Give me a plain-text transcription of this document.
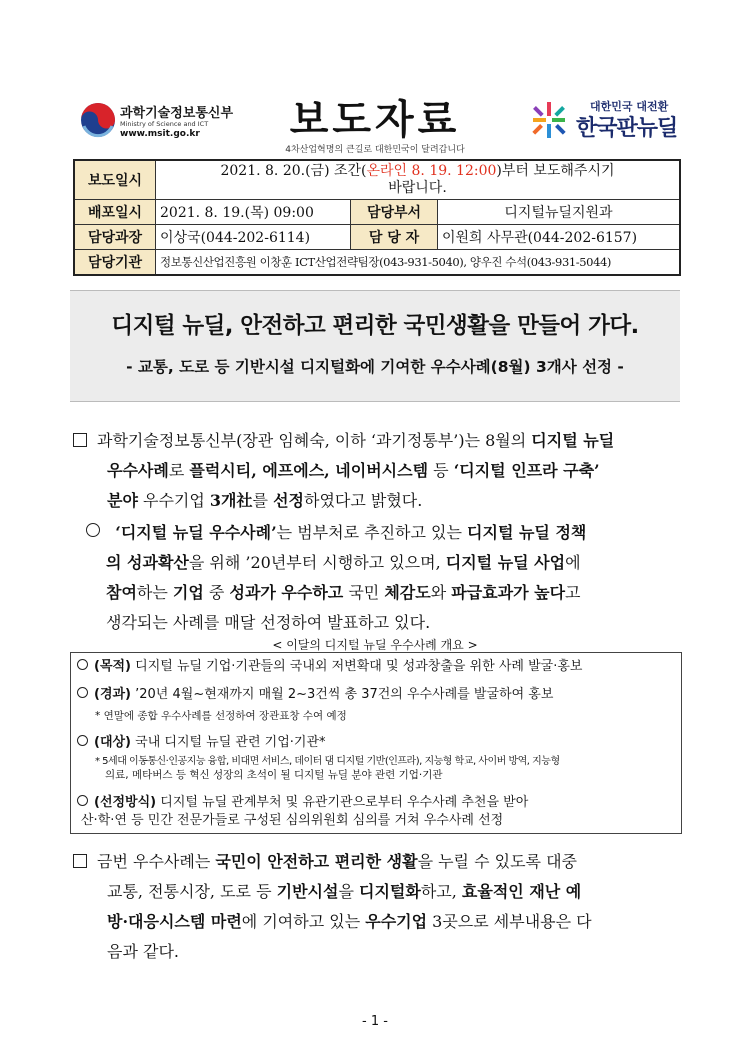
과학기술정보통신부
Ministry of Science and ICT
www.msit.go.kr	보도자료
4차산업혁명의 큰길로 대한민국이 달려갑니다
대한민국 대전환
한국판뉴딜
보도일시	2021. 8. 20.(금) 조간(온라인 8. 19. 12:00)부터 보도해주시기
바랍니다.		
배포일시	2021. 8. 19.(목) 09:00	담당부서	디지털뉴딜지원과
담당과장	이상국(044-202-6114)	담 당 자	이원희 사무관(044-202-6157)
담당기관	정보통신산업진흥원 이창훈 ICT산업전략팀장(043-931-5040), 양우진 수석(043-931-5044)		
디지털 뉴딜, 안전하고 편리한 국민생활을 만들어 가다.
- 교통, 도로 등 기반시설 디지털화에 기여한 우수사례(8월) 3개사 선정 -
과학기술정보통신부(장관 임혜숙, 이하 ‘과기정통부’)는 8월의 디지털 뉴딜
우수사례로 플럭시티, 에프에스, 네이버시스템 등 ‘디지털 인프라 구축’
분야 우수기업 3개社를 선정하였다고 밝혔다.
‘디지털 뉴딜 우수사례’는 범부처로 추진하고 있는 디지털 뉴딜 정책
의 성과확산을 위해 ’20년부터 시행하고 있으며, 디지털 뉴딜 사업에
참여하는 기업 중 성과가 우수하고 국민 체감도와 파급효과가 높다고
생각되는 사례를 매달 선정하여 발표하고 있다.
< 이달의 디지털 뉴딜 우수사례 개요 >
(목적) 디지털 뉴딜 기업·기관들의 국내외 저변확대 및 성과창출을 위한 사례 발굴·홍보
(경과) ’20년 4월~현재까지 매월 2~3건씩 총 37건의 우수사례를 발굴하여 홍보
* 연말에 종합 우수사례를 선정하여 장관표창 수여 예정
(대상) 국내 디지털 뉴딜 관련 기업·기관*
* 5세대 이동통신·인공지능 융합, 비대면 서비스, 데이터 댐 디지털 기반(인프라), 지능형 학교, 사이버 방역, 지능형
의료, 메타버스 등 혁신 성장의 초석이 될 디지털 뉴딜 분야 관련 기업·기관
(선정방식) 디지털 뉴딜 관계부처 및 유관기관으로부터 우수사례 추천을 받아
산·학·연 등 민간 전문가들로 구성된 심의위원회 심의를 거쳐 우수사례 선정
금번 우수사례는 국민이 안전하고 편리한 생활을 누릴 수 있도록 대중
교통, 전통시장, 도로 등 기반시설을 디지털화하고, 효율적인 재난 예
방·대응시스템 마련에 기여하고 있는 우수기업 3곳으로 세부내용은 다
음과 같다.
- 1 -
